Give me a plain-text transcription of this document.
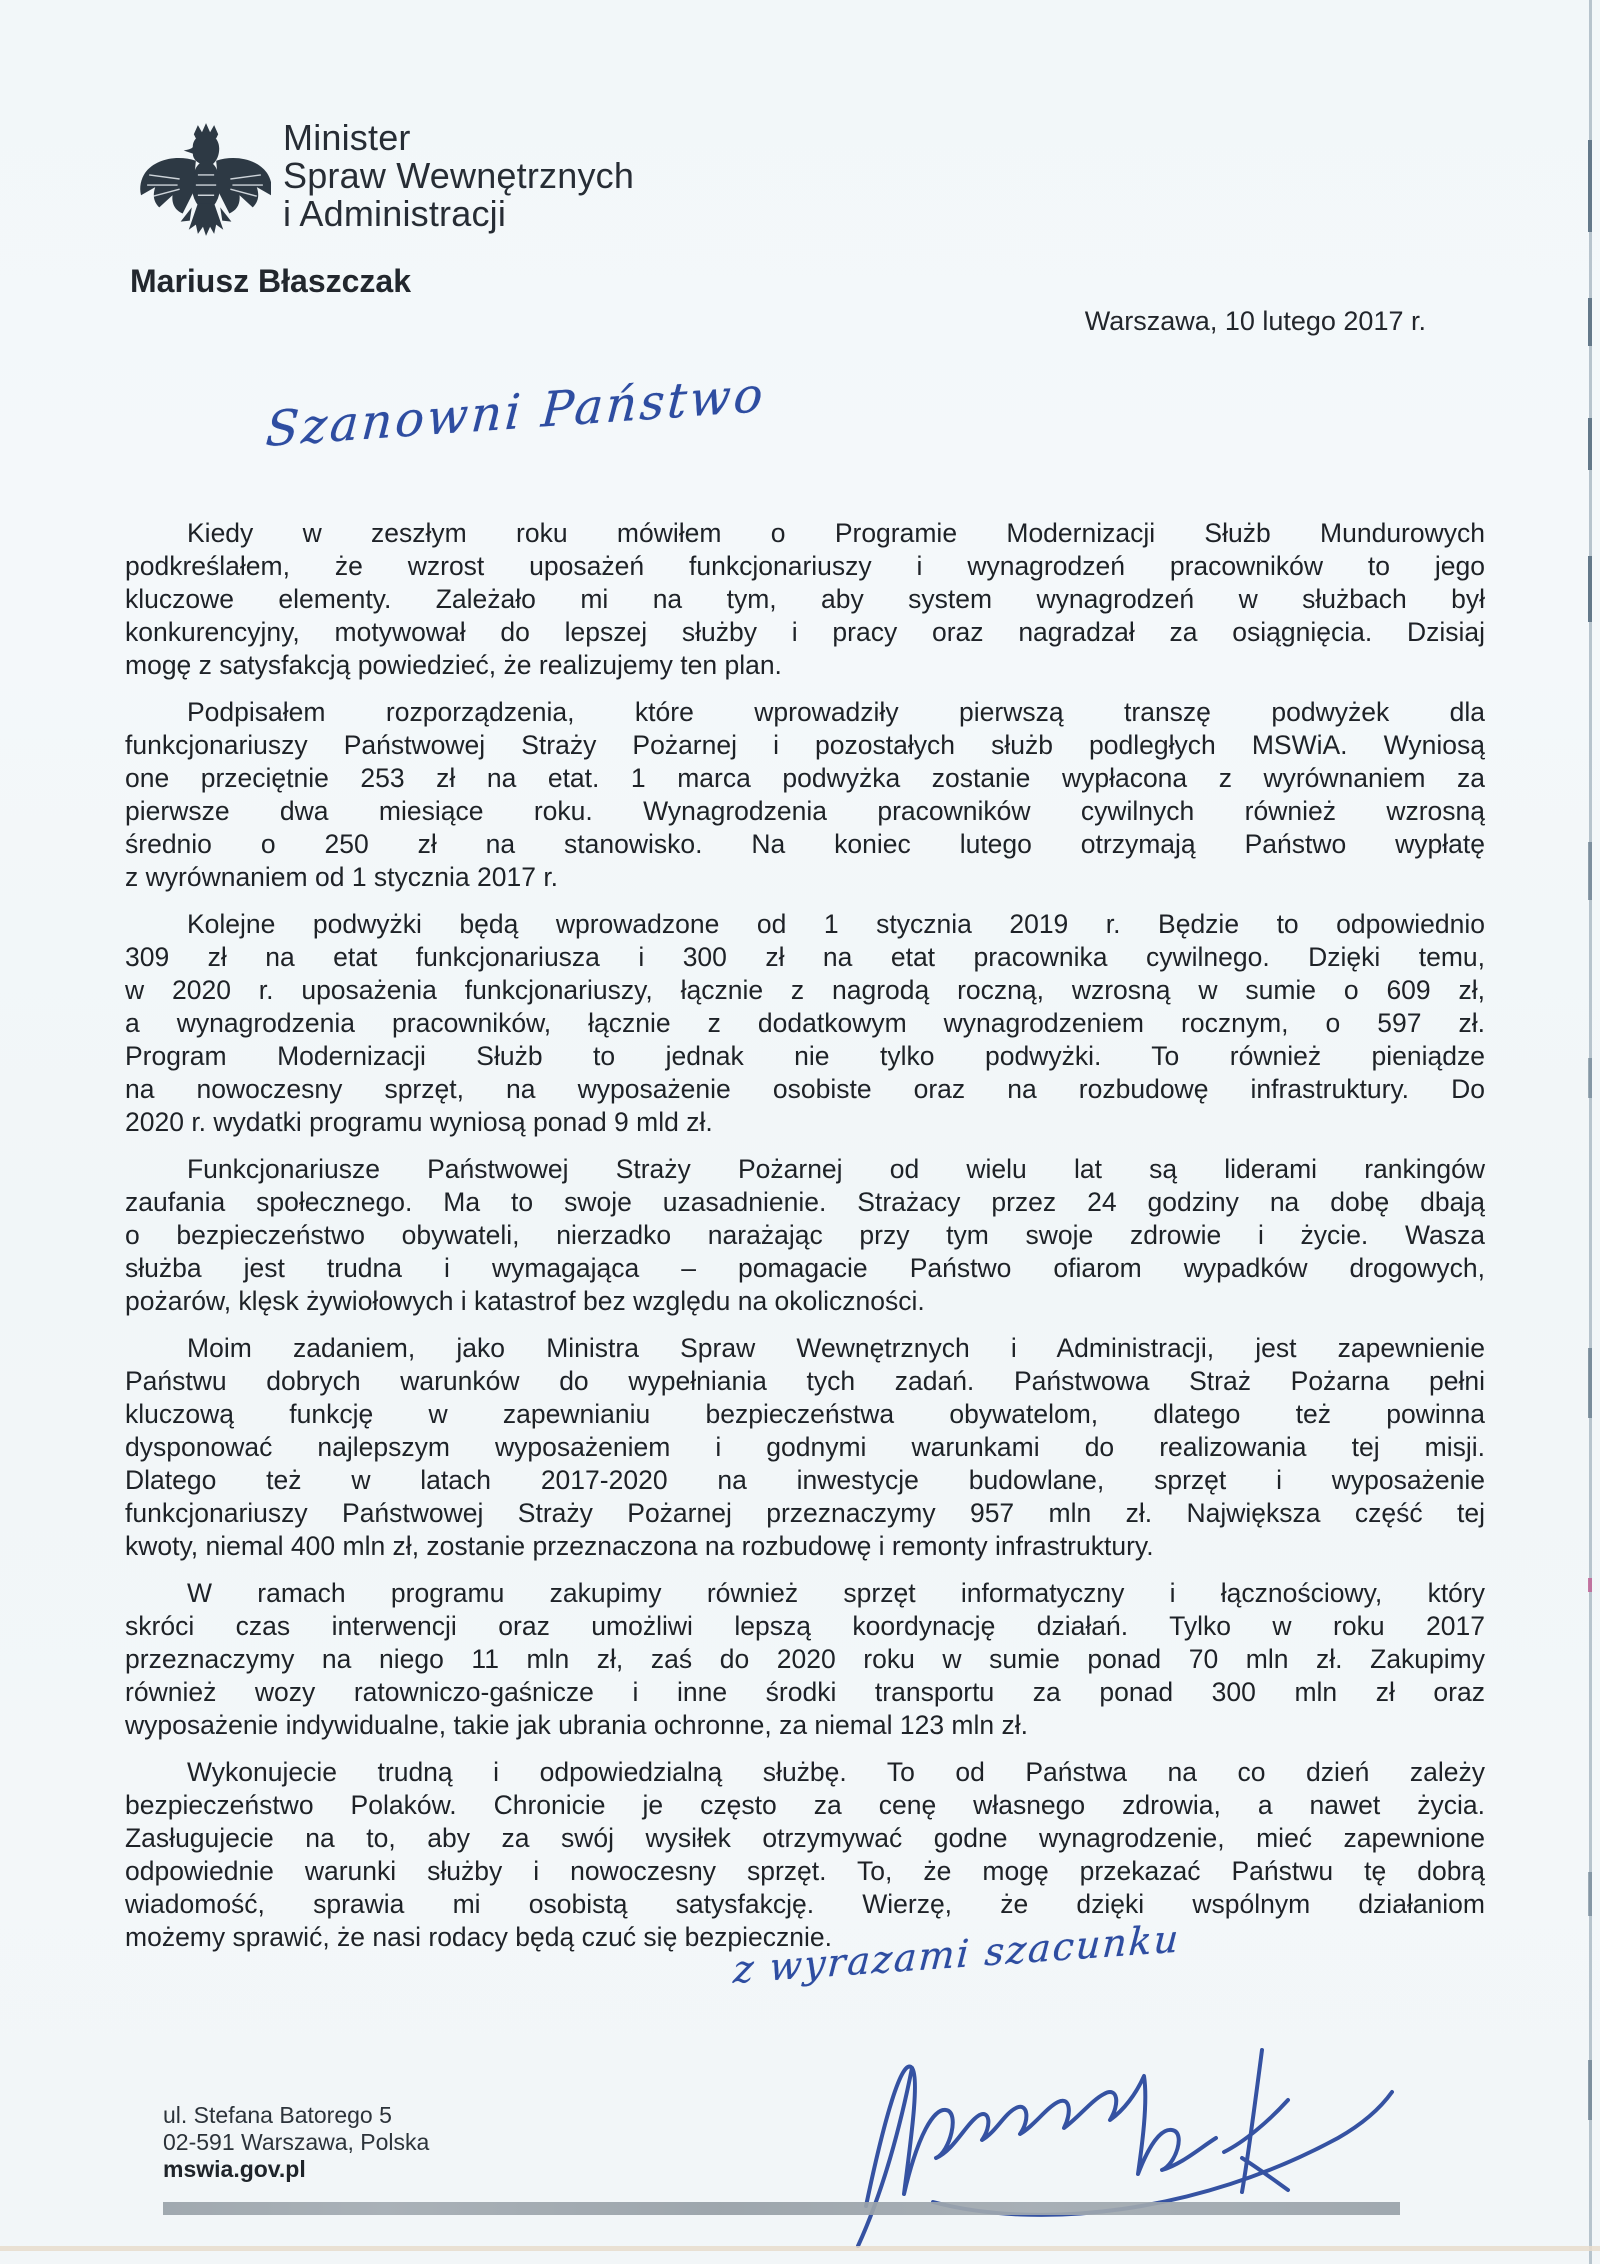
Minister
Spraw Wewnętrznych
i Administracji
Mariusz Błaszczak
Warszawa, 10 lutego 2017 r.
Szanowni Państwo
Kiedy w zeszłym roku mówiłem o Programie Modernizacji Służb Mundurowych
podkreślałem, że wzrost uposażeń funkcjonariuszy i wynagrodzeń pracowników to jego
kluczowe elementy. Zależało mi na tym, aby system wynagrodzeń w służbach był
konkurencyjny, motywował do lepszej służby i pracy oraz nagradzał za osiągnięcia. Dzisiaj
mogę z satysfakcją powiedzieć, że realizujemy ten plan.
Podpisałem rozporządzenia, które wprowadziły pierwszą transzę podwyżek dla
funkcjonariuszy Państwowej Straży Pożarnej i pozostałych służb podległych MSWiA. Wyniosą
one przeciętnie 253 zł na etat. 1 marca podwyżka zostanie wypłacona z wyrównaniem za
pierwsze dwa miesiące roku. Wynagrodzenia pracowników cywilnych również wzrosną
średnio o 250 zł na stanowisko. Na koniec lutego otrzymają Państwo wypłatę
z wyrównaniem od 1 stycznia 2017 r.
Kolejne podwyżki będą wprowadzone od 1 stycznia 2019 r. Będzie to odpowiednio
309 zł na etat funkcjonariusza i 300 zł na etat pracownika cywilnego. Dzięki temu,
w 2020 r. uposażenia funkcjonariuszy, łącznie z nagrodą roczną, wzrosną w sumie o 609 zł,
a wynagrodzenia pracowników, łącznie z dodatkowym wynagrodzeniem rocznym, o 597 zł.
Program Modernizacji Służb to jednak nie tylko podwyżki. To również pieniądze
na nowoczesny sprzęt, na wyposażenie osobiste oraz na rozbudowę infrastruktury. Do
2020 r. wydatki programu wyniosą ponad 9 mld zł.
Funkcjonariusze Państwowej Straży Pożarnej od wielu lat są liderami rankingów
zaufania społecznego. Ma to swoje uzasadnienie. Strażacy przez 24 godziny na dobę dbają
o bezpieczeństwo obywateli, nierzadko narażając przy tym swoje zdrowie i życie. Wasza
służba jest trudna i wymagająca – pomagacie Państwo ofiarom wypadków drogowych,
pożarów, klęsk żywiołowych i katastrof bez względu na okoliczności.
Moim zadaniem, jako Ministra Spraw Wewnętrznych i Administracji, jest zapewnienie
Państwu dobrych warunków do wypełniania tych zadań. Państwowa Straż Pożarna pełni
kluczową funkcję w zapewnianiu bezpieczeństwa obywatelom, dlatego też powinna
dysponować najlepszym wyposażeniem i godnymi warunkami do realizowania tej misji.
Dlatego też w latach 2017-2020 na inwestycje budowlane, sprzęt i wyposażenie
funkcjonariuszy Państwowej Straży Pożarnej przeznaczymy 957 mln zł. Największa część tej
kwoty, niemal 400 mln zł, zostanie przeznaczona na rozbudowę i remonty infrastruktury.
W ramach programu zakupimy również sprzęt informatyczny i łącznościowy, który
skróci czas interwencji oraz umożliwi lepszą koordynację działań. Tylko w roku 2017
przeznaczymy na niego 11 mln zł, zaś do 2020 roku w sumie ponad 70 mln zł. Zakupimy
również wozy ratowniczo-gaśnicze i inne środki transportu za ponad 300 mln zł oraz
wyposażenie indywidualne, takie jak ubrania ochronne, za niemal 123 mln zł.
Wykonujecie trudną i odpowiedzialną służbę. To od Państwa na co dzień zależy
bezpieczeństwo Polaków. Chronicie je często za cenę własnego zdrowia, a nawet życia.
Zasługujecie na to, aby za swój wysiłek otrzymywać godne wynagrodzenie, mieć zapewnione
odpowiednie warunki służby i nowoczesny sprzęt. To, że mogę przekazać Państwu tę dobrą
wiadomość, sprawia mi osobistą satysfakcję. Wierzę, że dzięki wspólnym działaniom
możemy sprawić, że nasi rodacy będą czuć się bezpiecznie.
z wyrazami szacunku
ul. Stefana Batorego 5
02-591 Warszawa, Polska
mswia.gov.pl
